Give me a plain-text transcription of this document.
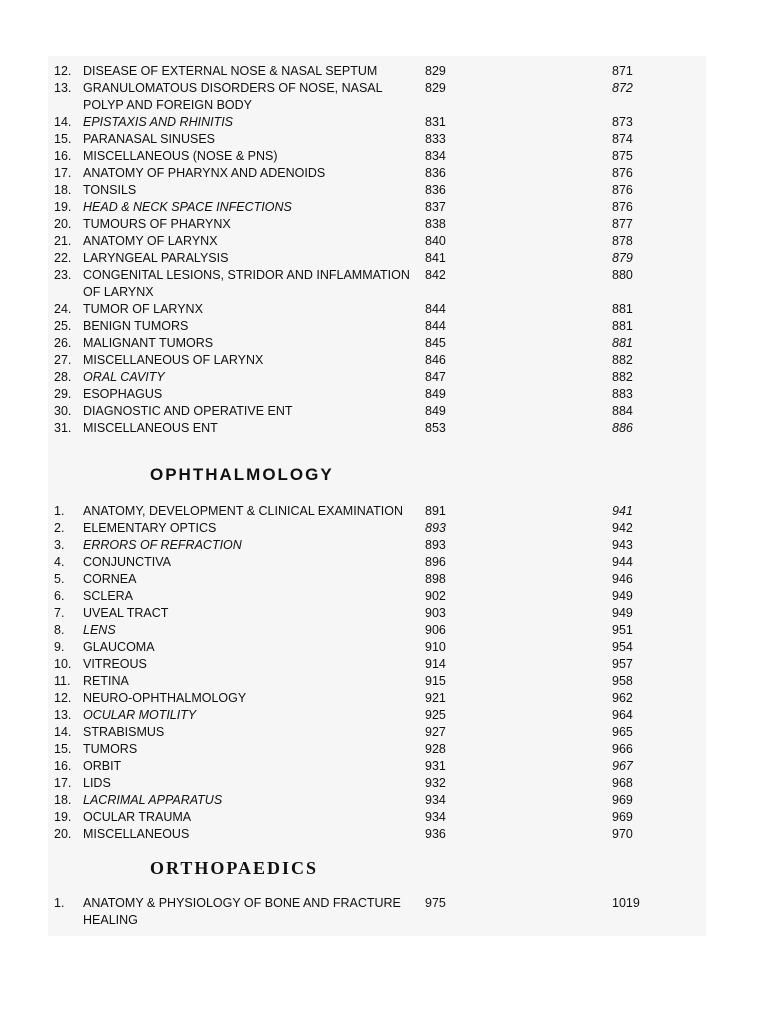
12. DISEASE OF EXTERNAL NOSE & NASAL SEPTUM	829	871
13. GRANULOMATOUS DISORDERS OF NOSE, NASAL POLYP AND FOREIGN BODY
829	872
14. EPISTAXIS AND RHINITIS	831	873
15. PARANASAL SINUSES	833	874
16. MISCELLANEOUS (NOSE & PNS)	834	875
17. ANATOMY OF PHARYNX AND ADENOIDS	836	876
18. TONSILS	836	876
19. HEAD & NECK SPACE INFECTIONS	837	876
20. TUMOURS OF PHARYNX	838	877
21. ANATOMY OF LARYNX	840	878
22. LARYNGEAL PARALYSIS	841	879
23. CONGENITAL LESIONS, STRIDOR AND INFLAMMATION OF LARYNX
842	880
24. TUMOR OF LARYNX	844	881
25. BENIGN TUMORS	844	881
26. MALIGNANT TUMORS	845	881
27. MISCELLANEOUS OF LARYNX	846	882
28. ORAL CAVITY	847	882
29. ESOPHAGUS	849	883
30. DIAGNOSTIC AND OPERATIVE ENT	849	884
31. MISCELLANEOUS ENT	853	886
OPHTHALMOLOGY
1.	ANATOMY, DEVELOPMENT & CLINICAL EXAMINATION	891	941
2.	ELEMENTARY OPTICS	893	942
3.	ERRORS OF REFRACTION	893	943
4.	CONJUNCTIVA	896	944
5.	CORNEA	898	946
6.	SCLERA	902	949
7.	UVEAL TRACT	903	949
8.	LENS	906	951
9.	GLAUCOMA	910	954
10. VITREOUS	914	957
11.	RETINA	915	958
12. NEURO-OPHTHALMOLOGY	921	962
13. OCULAR MOTILITY	925	964
14. STRABISMUS	927	965
15. TUMORS	928	966
16. ORBIT	931	967
17. LIDS	932	968
18. LACRIMAL APPARATUS	934	969
19. OCULAR TRAUMA	934	969
20. MISCELLANEOUS	936	970
ORTHOPAEDICS
1.	ANATOMY & PHYSIOLOGY OF BONE AND FRACTURE HEALING
975	1019
